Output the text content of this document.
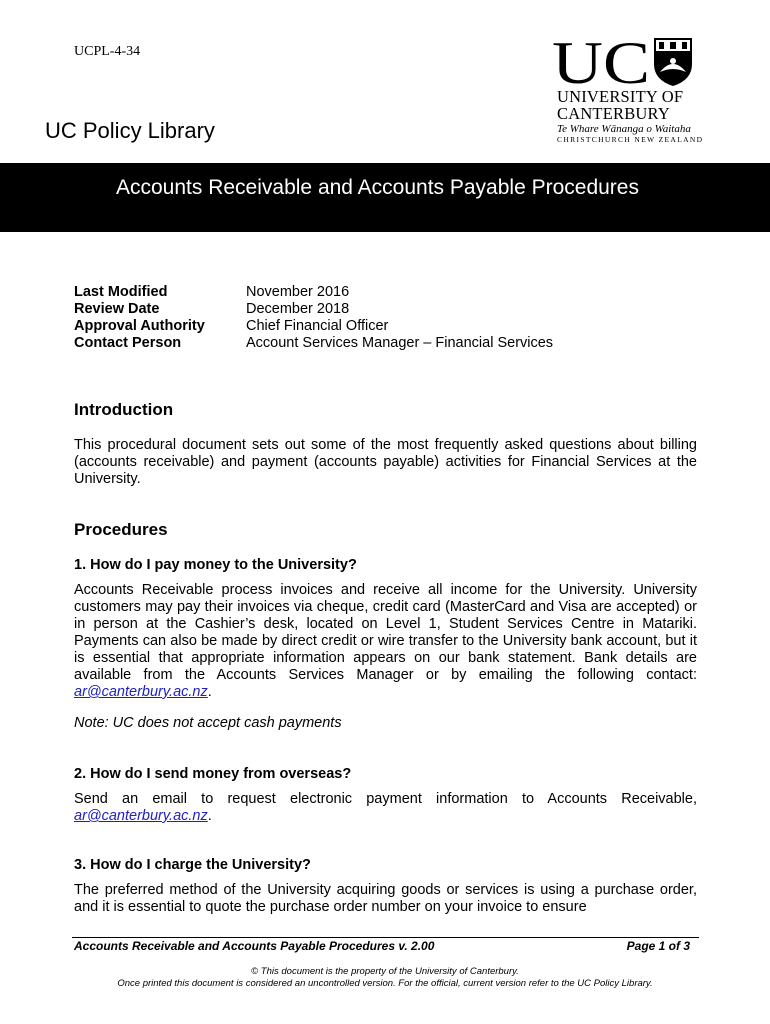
UCPL-4-34
UC Policy Library
UC
UNIVERSITY OF
CANTERBURY
Te Whare Wānanga o Waitaha
CHRISTCHURCH NEW ZEALAND
Accounts Receivable and Accounts Payable Procedures
Last Modified	November 2016
Review Date	December 2018
Approval Authority	Chief Financial Officer
Contact Person	Account Services Manager – Financial Services
Introduction
This procedural document sets out some of the most frequently asked questions about billing (accounts receivable) and payment (accounts payable) activities for Financial Services at the University.
Procedures
1. How do I pay money to the University?
Accounts Receivable process invoices and receive all income for the University. University customers may pay their invoices via cheque, credit card (MasterCard and Visa are accepted) or in person at the Cashier’s desk, located on Level 1, Student Services Centre in Matariki. Payments can also be made by direct credit or wire transfer to the University bank account, but it is essential that appropriate information appears on our bank statement. Bank details are available from the Accounts Services Manager or by emailing the following contact: ar@canterbury.ac.nz.
Note: UC does not accept cash payments
2. How do I send money from overseas?
Send an email to request electronic payment information to Accounts Receivable, ar@canterbury.ac.nz.
3. How do I charge the University?
The preferred method of the University acquiring goods or services is using a purchase order, and it is essential to quote the purchase order number on your invoice to ensure
Accounts Receivable and Accounts Payable Procedures v. 2.00	Page 1 of 3
© This document is the property of the University of Canterbury.
Once printed this document is considered an uncontrolled version. For the official, current version refer to the UC Policy Library.
